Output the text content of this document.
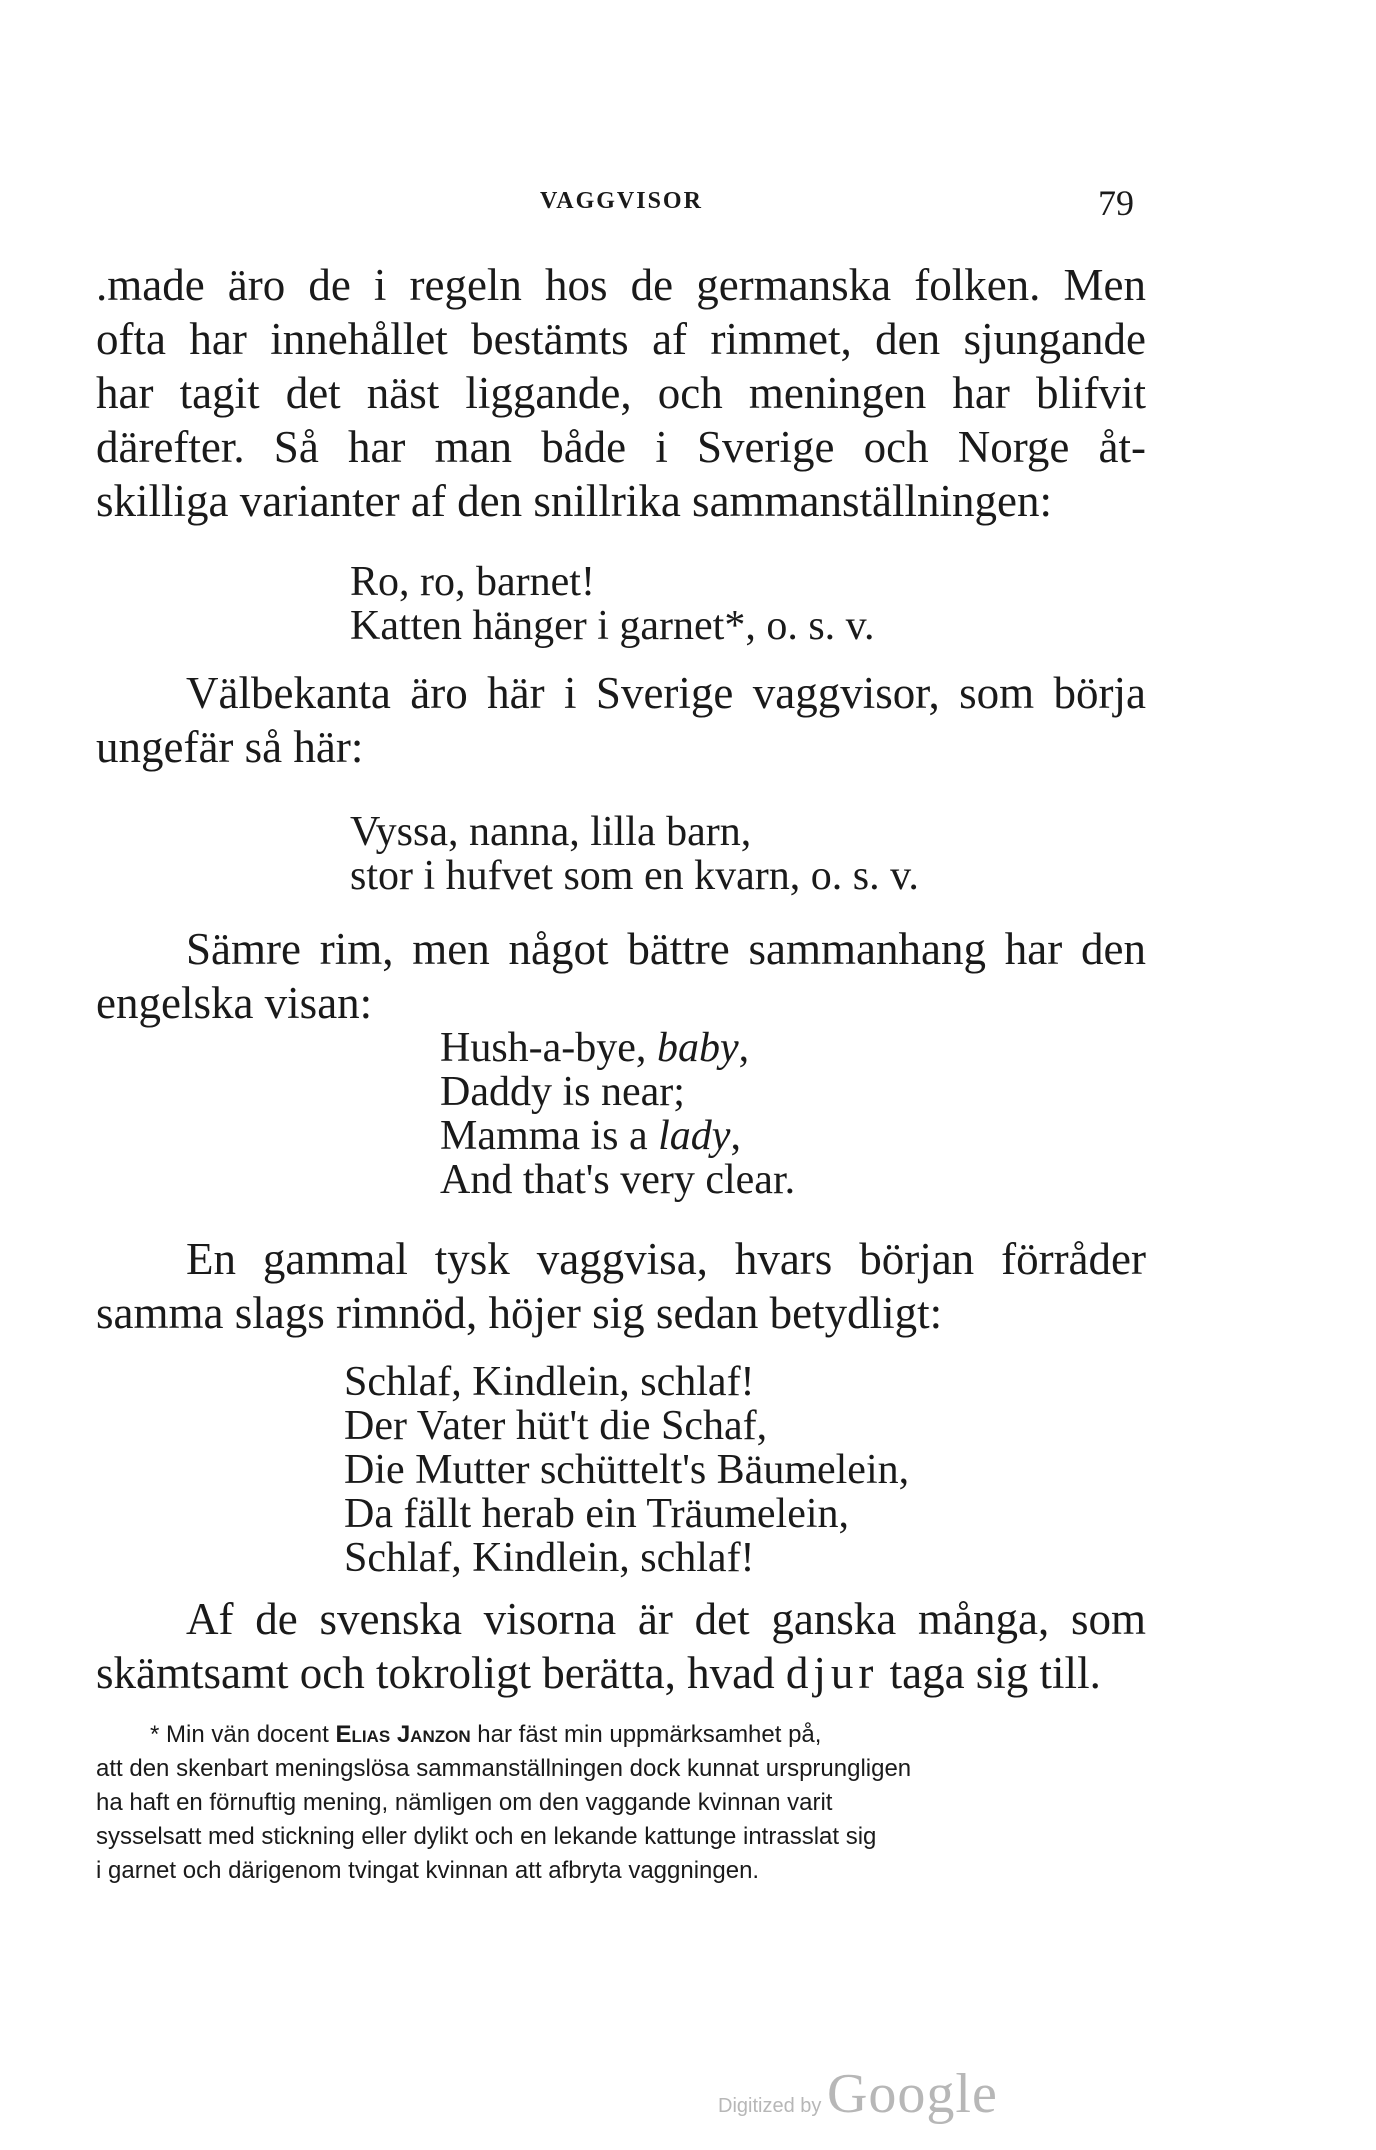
VAGGVISOR	79
.made äro de i regeln hos de germanska folken. Men
ofta har innehållet bestämts af rimmet, den sjungande
har tagit det näst liggande, och meningen har blifvit
därefter. Så har man både i Sverige och Norge åt-
skilliga varianter af den snillrika sammanställningen:
Ro, ro, barnet!
Katten hänger i garnet*, o. s. v.
Välbekanta äro här i Sverige vaggvisor, som börja
ungefär så här:
Vyssa, nanna, lilla barn,
stor i hufvet som en kvarn, o. s. v.
Sämre rim, men något bättre sammanhang har den
engelska visan:
Hush-a-bye, baby,
Daddy is near;
Mamma is a lady,
And that's very clear.
En gammal tysk vaggvisa, hvars början förråder
samma slags rimnöd, höjer sig sedan betydligt:
Schlaf, Kindlein, schlaf!
Der Vater hüt't die Schaf,
Die Mutter schüttelt's Bäumelein,
Da fällt herab ein Träumelein,
Schlaf, Kindlein, schlaf!
Af de svenska visorna är det ganska många, som
skämtsamt och tokroligt berätta, hvad djur taga sig till.
* Min vän docent Elias Janzon har fäst min uppmärksamhet på,
att den skenbart meningslösa sammanställningen dock kunnat ursprungligen
ha haft en förnuftig mening, nämligen om den vaggande kvinnan varit
sysselsatt med stickning eller dylikt och en lekande kattunge intrasslat sig
i garnet och därigenom tvingat kvinnan att afbryta vaggningen.
Digitized by Google
